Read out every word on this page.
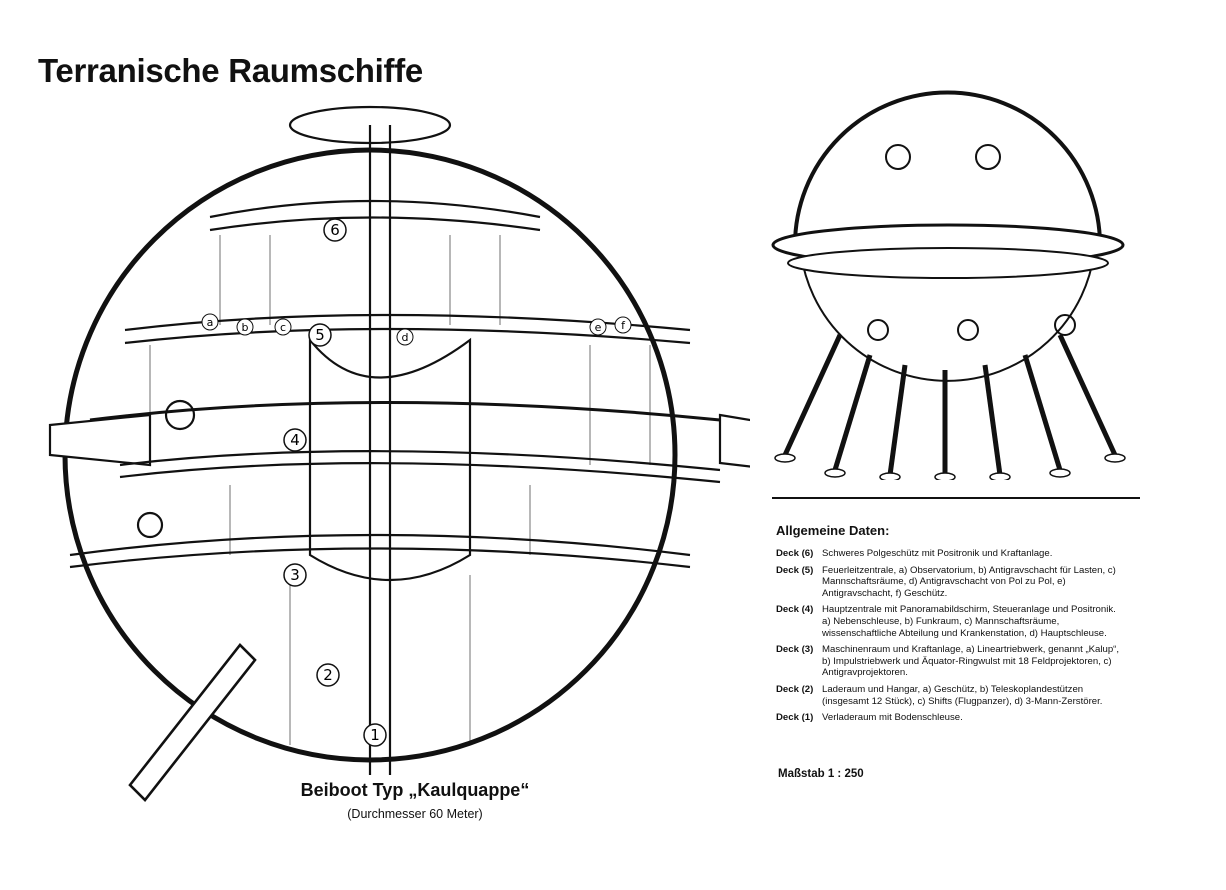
Terranische Raumschiffe
6
5
4
3
2
1
a	b	c
d
e f
Beiboot Typ „Kaulquappe“
(Durchmesser 60 Meter)
Allgemeine Daten:
Deck (6) Schweres Polgeschütz mit Positronik und Kraftanlage.
Deck (5) Feuerleitzentrale, a) Observatorium, b) Antigravschacht für Lasten, c) Mannschaftsräume, d) Antigravschacht von Pol zu Pol, e) Antigravschacht, f) Geschütz.
Deck (4) Hauptzentrale mit Panoramabildschirm, Steueranlage und Positronik. a) Nebenschleuse, b) Funkraum, c) Mannschaftsräume, wissenschaftliche Abteilung und Krankenstation, d) Hauptschleuse.
Deck (3) Maschinenraum und Kraftanlage, a) Lineartriebwerk, genannt „Kalup“, b) Impulstriebwerk und Äquator-Ringwulst mit 18 Feldprojektoren, c) Antigravprojektoren.
Deck (2) Laderaum und Hangar, a) Geschütz, b) Teleskoplandestützen (insgesamt 12 Stück), c) Shifts (Flugpanzer), d) 3-Mann-Zerstörer.
Deck (1) Verladeraum mit Bodenschleuse.
Maßstab 1 : 250
